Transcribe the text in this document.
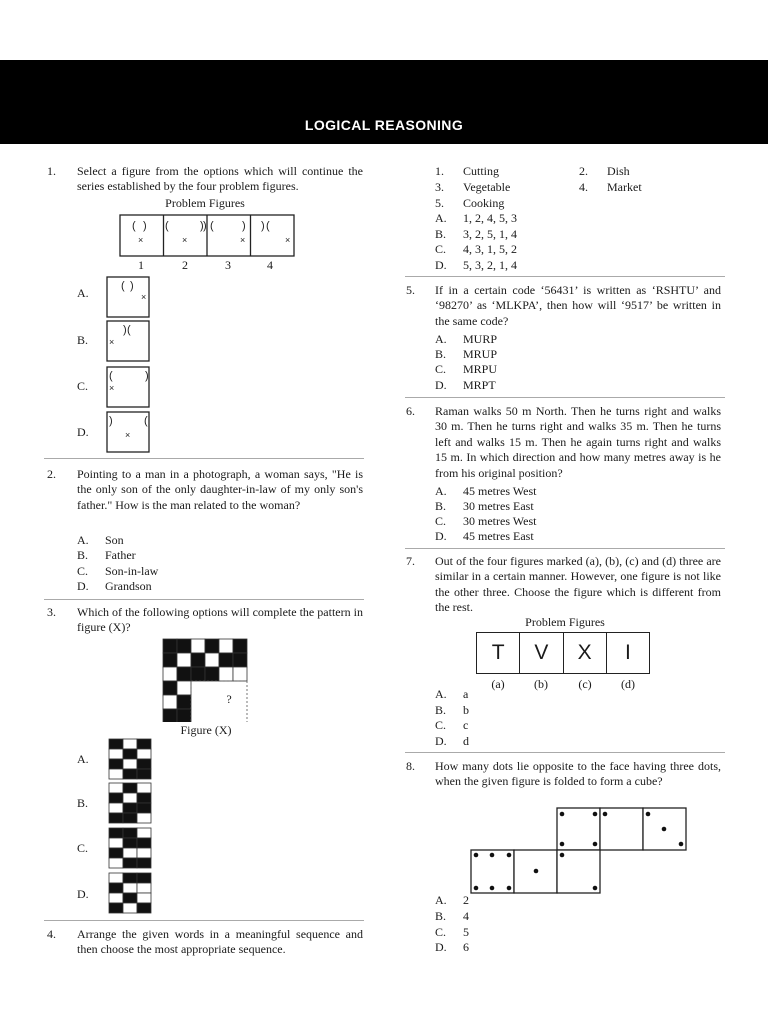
LOGICAL REASONING
1.	Select a figure from the options which will continue the series established by the four problem figures.
Problem Figures
( )
×
(	)
×
) (	)
×
) (
×
1	2	3	4
A.	( )
×
B.
) (
×
C.
(	)
×
D.
)	(
×
2.	Pointing to a man in a photograph, a woman says, "He is the only son of the only daughter-in-law of my only son's father." How is the man related to the woman?
A. Son
B. Father
C. Son-in-law
D. Grandson
3.	Which of the following options will complete the pattern in figure (X)?
?
Figure (X)
A.
B.
C.
D.
4.	Arrange the given words in a meaningful sequence and then choose the most appropriate sequence.
1. Cutting	2. Dish
3. Vegetable	4. Market
5. Cooking
A. 1, 2, 4, 5, 3
B. 3, 2, 5, 1, 4
C. 4, 3, 1, 5, 2
D. 5, 3, 2, 1, 4
5.	If in a certain code ‘56431’ is written as ‘RSHTU’ and ‘98270’ as ‘MLKPA’, then how will ‘9517’ be written in the same code?
A. MURP
B. MRUP
C. MRPU
D. MRPT
6.	Raman walks 50 m North. Then he turns right and walks 30 m. Then he turns right and walks 35 m. Then he turns left and walks 15 m. Then he again turns right and walks 15 m. In which direction and how many metres away is he from his original position?
A. 45 metres West
B. 30 metres East
C. 30 metres West
D. 45 metres East
7.	Out of the four figures marked (a), (b), (c) and (d) three are similar in a certain manner. However, one figure is not like the other three. Choose the figure which is different from the rest.
Problem Figures
T	V	X	I
(a)	(b)	(c)	(d)
A. a
B. b
C. c
D. d
8.	How many dots lie opposite to the face having three dots, when the given figure is folded to form a cube?
A. 2
B. 4
C. 5
D. 6
